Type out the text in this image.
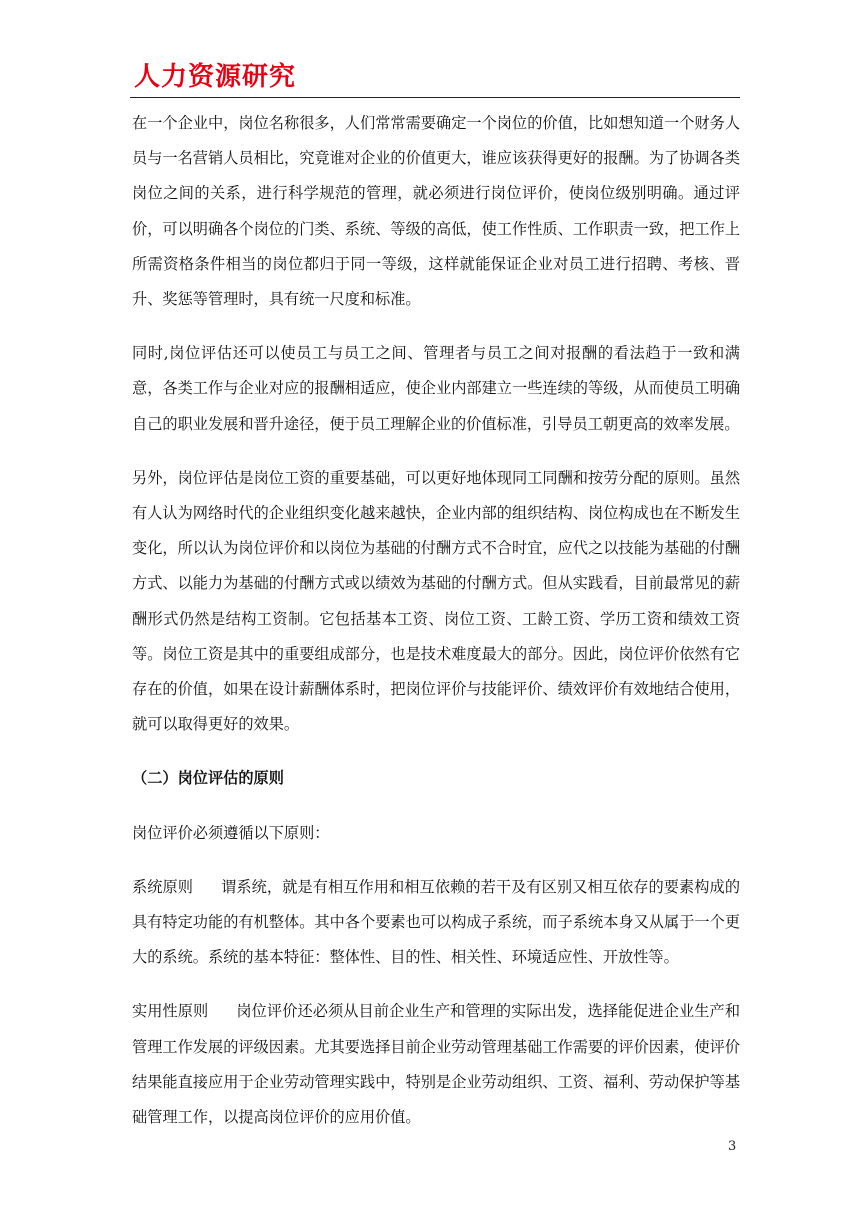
人力资源研究

在一个企业中，岗位名称很多，人们常常需要确定一个岗位的价值，比如想知道一个财务人员与一名营销人员相比，究竟谁对企业的价值更大，谁应该获得更好的报酬。为了协调各类岗位之间的关系，进行科学规范的管理，就必须进行岗位评价，使岗位级别明确。通过评价，可以明确各个岗位的门类、系统、等级的高低，使工作性质、工作职责一致，把工作上所需资格条件相当的岗位都归于同一等级，这样就能保证企业对员工进行招聘、考核、晋升、奖惩等管理时，具有统一尺度和标准。

同时,岗位评估还可以使员工与员工之间、管理者与员工之间对报酬的看法趋于一致和满意，各类工作与企业对应的报酬相适应，使企业内部建立一些连续的等级，从而使员工明确自己的职业发展和晋升途径，便于员工理解企业的价值标准，引导员工朝更高的效率发展。

另外，岗位评估是岗位工资的重要基础，可以更好地体现同工同酬和按劳分配的原则。虽然有人认为网络时代的企业组织变化越来越快，企业内部的组织结构、岗位构成也在不断发生变化，所以认为岗位评价和以岗位为基础的付酬方式不合时宜，应代之以技能为基础的付酬方式、以能力为基础的付酬方式或以绩效为基础的付酬方式。但从实践看，目前最常见的薪酬形式仍然是结构工资制。它包括基本工资、岗位工资、工龄工资、学历工资和绩效工资等。岗位工资是其中的重要组成部分，也是技术难度最大的部分。因此，岗位评价依然有它存在的价值，如果在设计薪酬体系时，把岗位评价与技能评价、绩效评价有效地结合使用，就可以取得更好的效果。

（二）岗位评估的原则

岗位评价必须遵循以下原则：

系统原则 谓系统，就是有相互作用和相互依赖的若干及有区别又相互依存的要素构成的具有特定功能的有机整体。其中各个要素也可以构成子系统，而子系统本身又从属于一个更大的系统。系统的基本特征：整体性、目的性、相关性、环境适应性、开放性等。

实用性原则 岗位评价还必须从目前企业生产和管理的实际出发，选择能促进企业生产和管理工作发展的评级因素。尤其要选择目前企业劳动管理基础工作需要的评价因素，使评价结果能直接应用于企业劳动管理实践中，特别是企业劳动组织、工资、福利、劳动保护等基础管理工作，以提高岗位评价的应用价值。

3
